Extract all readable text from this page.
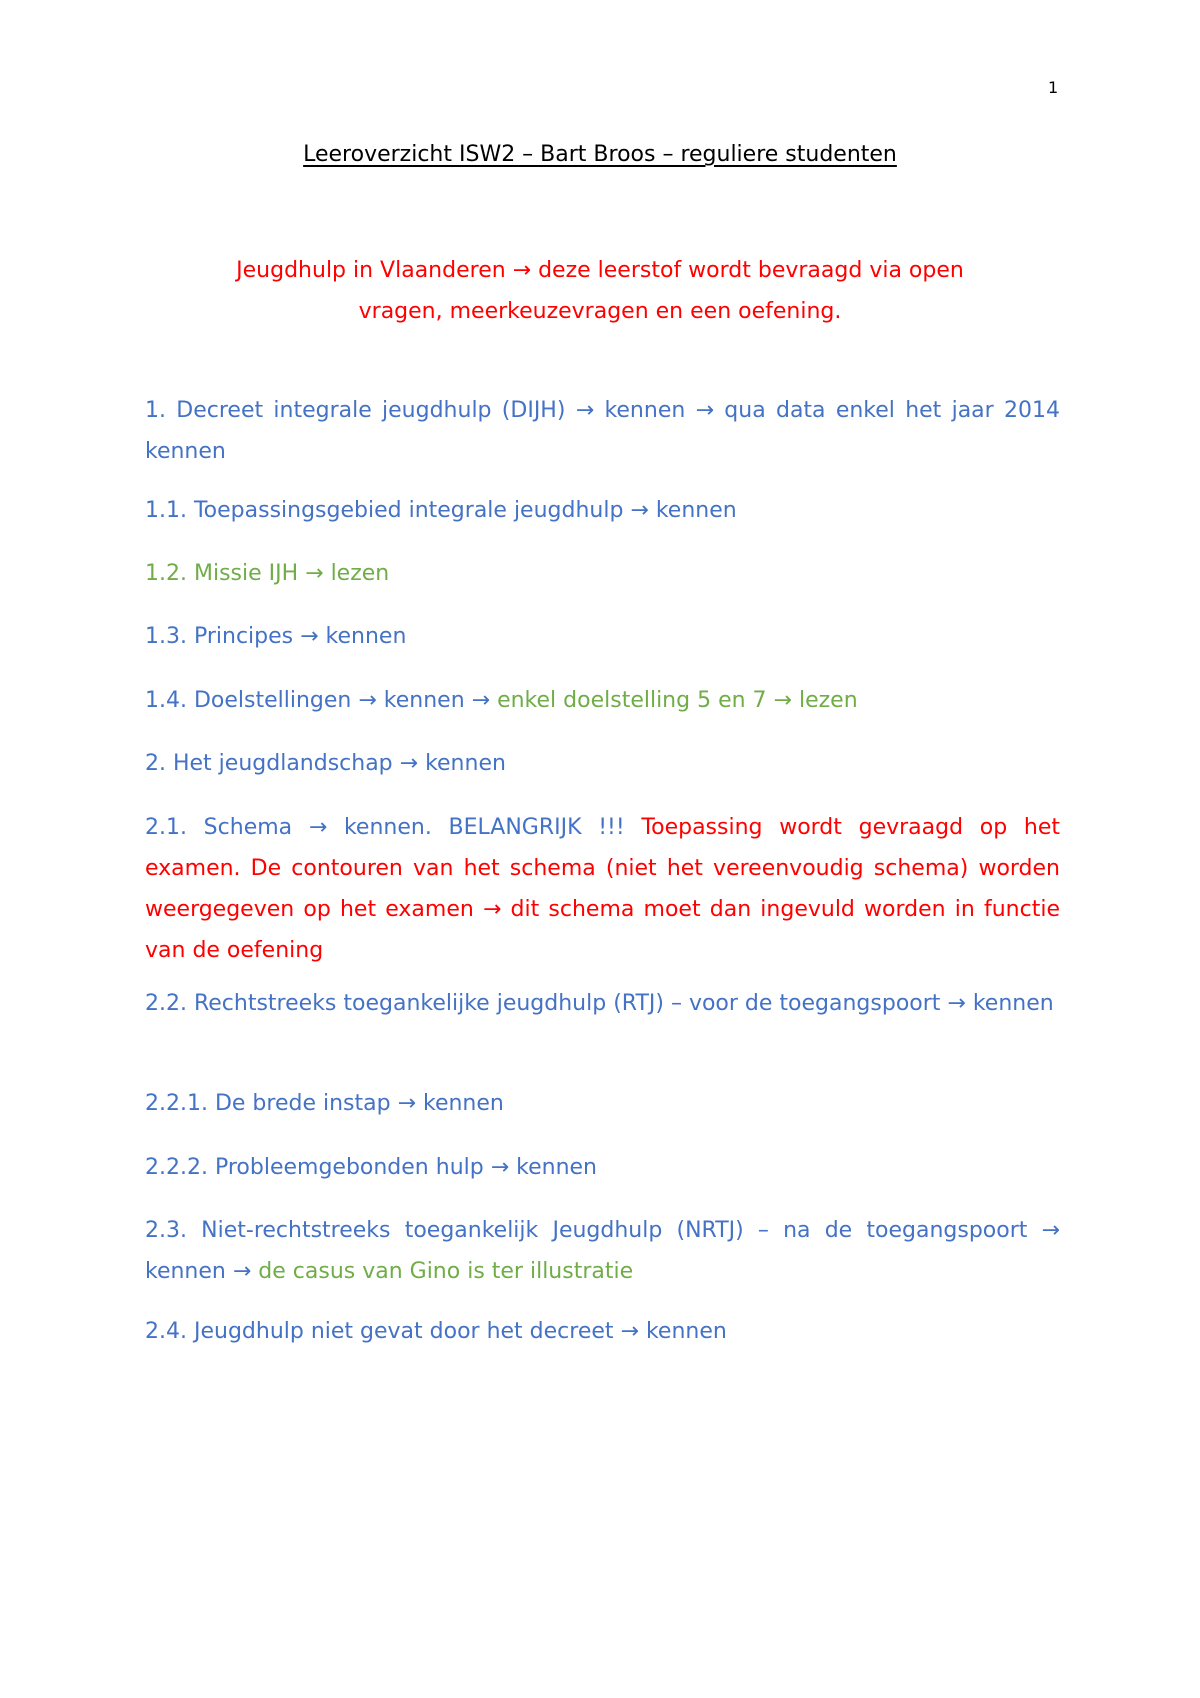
1
Leeroverzicht ISW2 – Bart Broos – reguliere studenten
Jeugdhulp in Vlaanderen → deze leerstof wordt bevraagd via open
vragen, meerkeuzevragen en een oefening.

1. Decreet integrale jeugdhulp (DIJH) → kennen → qua data enkel het jaar 2014 kennen

1.1. Toepassingsgebied integrale jeugdhulp → kennen

1.2. Missie IJH → lezen

1.3. Principes → kennen

1.4. Doelstellingen → kennen → enkel doelstelling 5 en 7 → lezen

2. Het jeugdlandschap → kennen

2.1. Schema → kennen. BELANGRIJK !!! Toepassing wordt gevraagd op het examen. De contouren van het schema (niet het vereenvoudig schema) worden weergegeven op het examen → dit schema moet dan ingevuld worden in functie van de oefening

2.2. Rechtstreeks toegankelijke jeugdhulp (RTJ) – voor de toegangspoort → kennen

2.2.1. De brede instap → kennen

2.2.2. Probleemgebonden hulp → kennen

2.3. Niet-rechtstreeks toegankelijk Jeugdhulp (NRTJ) – na de toegangspoort → kennen → de casus van Gino is ter illustratie

2.4. Jeugdhulp niet gevat door het decreet → kennen
